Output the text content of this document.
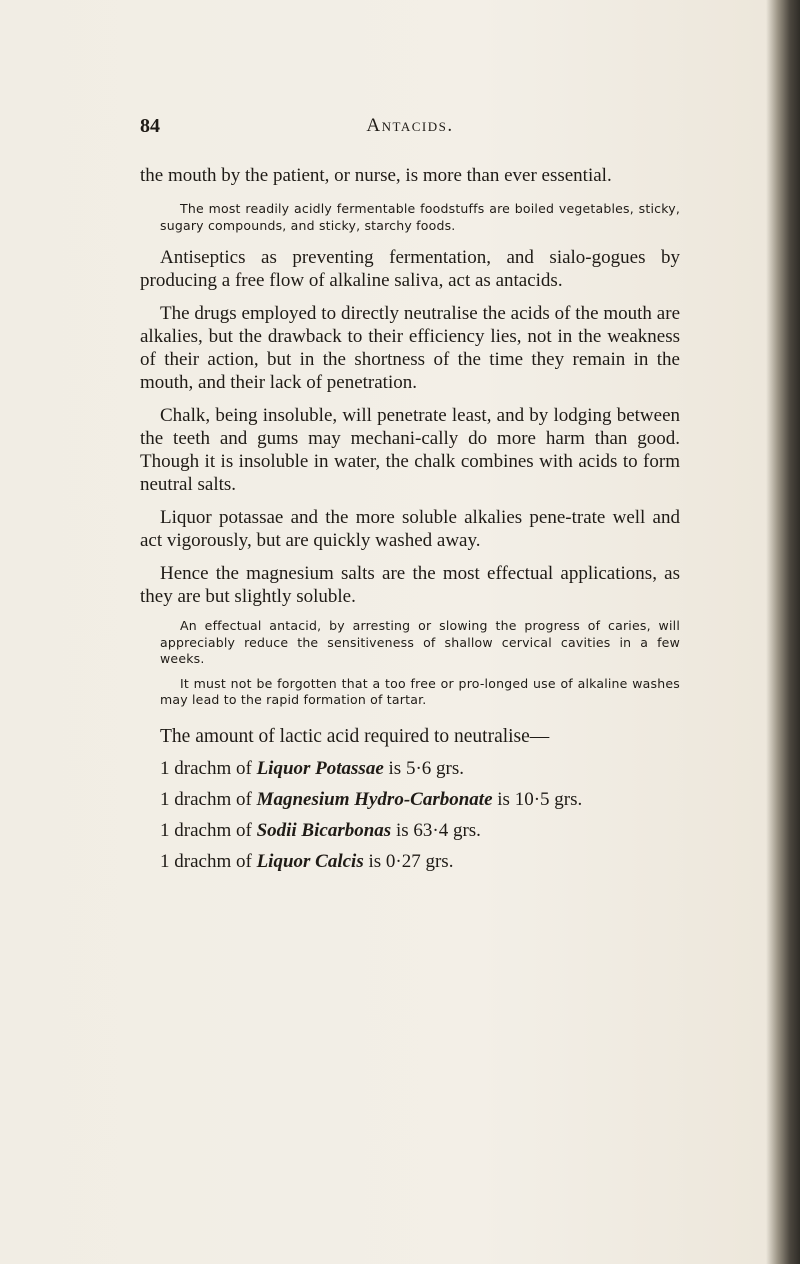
84	Antacids.

the mouth by the patient, or nurse, is more than ever essential.

The most readily acidly fermentable foodstuffs are boiled vegetables, sticky, sugary compounds, and sticky, starchy foods.

Antiseptics as preventing fermentation, and sialo-gogues by producing a free flow of alkaline saliva, act as antacids.

The drugs employed to directly neutralise the acids of the mouth are alkalies, but the drawback to their efficiency lies, not in the weakness of their action, but in the shortness of the time they remain in the mouth, and their lack of penetration.

Chalk, being insoluble, will penetrate least, and by lodging between the teeth and gums may mechani-cally do more harm than good. Though it is insoluble in water, the chalk combines with acids to form neutral salts.

Liquor potassae and the more soluble alkalies pene-trate well and act vigorously, but are quickly washed away.

Hence the magnesium salts are the most effectual applications, as they are but slightly soluble.

An effectual antacid, by arresting or slowing the progress of caries, will appreciably reduce the sensitiveness of shallow cervical cavities in a few weeks.

It must not be forgotten that a too free or pro-longed use of alkaline washes may lead to the rapid formation of tartar.

The amount of lactic acid required to neutralise—

1 drachm of Liquor Potassae is 5·6 grs.

1 drachm of Magnesium Hydro-Carbonate is 10·5 grs.

1 drachm of Sodii Bicarbonas is 63·4 grs.

1 drachm of Liquor Calcis is 0·27 grs.
